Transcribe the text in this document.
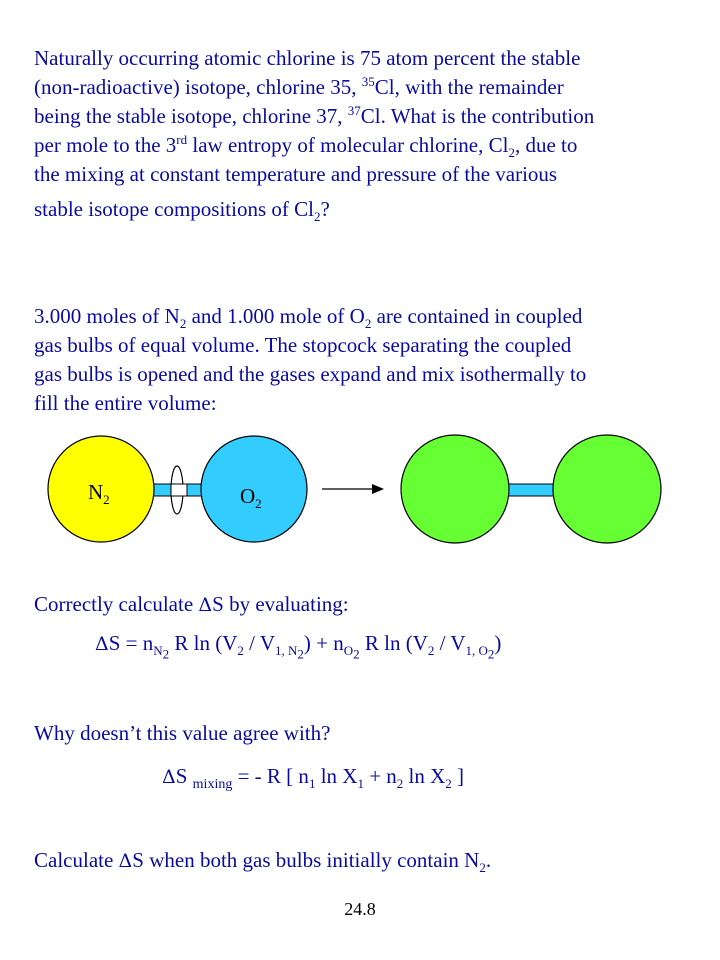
Naturally occurring atomic chlorine is 75 atom percent the stable
(non-radioactive) isotope, chlorine 35, $^{35}$Cl, with the remainder
being the stable isotope, chlorine 37, $^{37}$Cl. What is the contribution
per mole to the 3rd law entropy of molecular chlorine, $Cl_2$, due to
the mixing at constant temperature and pressure of the various
stable isotope compositions of $Cl_2$?
3.000 moles of $N_2$ and 1.000 mole of $O_2$ are contained in coupled
gas bulbs of equal volume. The stopcock separating the coupled
gas bulbs is opened and the gases expand and mix isothermally to
fill the entire volume:
$N_2$	$O_2$
Correctly calculate ΔS by evaluating:
$\Delta S = n_{N_2}$ R $\ln (V_2 / V_{1, N_2}) + n_{O_2}$ R $\ln (V_2 / V_{1, O_2})$
Why doesn’t this value agree with?
ΔS $_{mixing}$ = - R [ $n_1$ $\ln X_1 + n_2$ $\ln X_2$ ]
Calculate ΔS when both gas bulbs initially contain $N_2$.
24.8
